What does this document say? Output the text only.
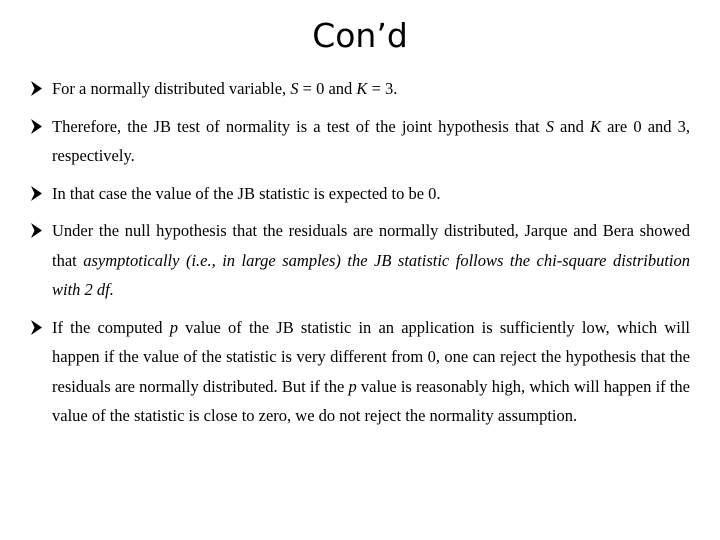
Con’d
For a normally distributed variable, S = 0 and K = 3.
Therefore, the JB test of normality is a test of the joint hypothesis that S and K are 0 and 3, respectively.
In that case the value of the JB statistic is expected to be 0.
Under the null hypothesis that the residuals are normally distributed, Jarque and Bera showed that asymptotically (i.e., in large samples) the JB statistic follows the chi-square distribution with 2 df.
If the computed p value of the JB statistic in an application is sufficiently low, which will happen if the value of the statistic is very different from 0, one can reject the hypothesis that the residuals are normally distributed. But if the p value is reasonably high, which will happen if the value of the statistic is close to zero, we do not reject the normality assumption.
